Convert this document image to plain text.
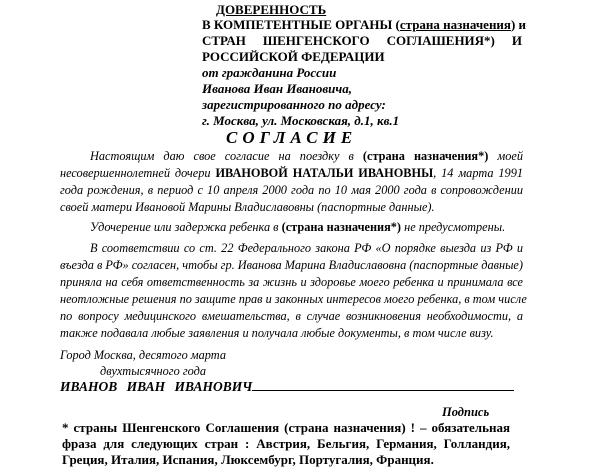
ДОВЕРЕННОСТЬ
В КОМПЕТЕНТНЫЕ ОРГАНЫ (страна назначения) и
СТРАН ШЕНГЕНСКОГО СОГЛАШЕНИЯ*) И
РОССИЙСКОЙ ФЕДЕРАЦИИ
от гражданина России
Иванова Иван Ивановича,
зарегистрированного по адресу:
г. Москва, ул. Московская, д.1, кв.1
СОГЛАСИЕ
Настоящим даю свое согласие на поездку в (страна назначения*) моей
несовершеннолетней дочери ИВАНОВОЙ НАТАЛЬИ ИВАНОВНЫ, 14 марта 1991
года рождения, в период с 10 апреля 2000 года по 10 мая 2000 года в сопровождении
своей матери Ивановой Марины Владиславовны (паспортные данные).
Удочерение или задержка ребенка в (страна назначения*) не предусмотрены.
В соответствии со ст. 22 Федерального закона РФ «О порядке выезда из РФ и
въезда в РФ» согласен, чтобы гр. Иванова Марина Владиславовна (паспортные давные)
приняла на себя ответственность за жизнь и здоровье моего ребенка и принимала все
неотложные решения по защите прав и законных интересов моего ребенка, в том числе
по вопросу медицинского вмешательства, в случае возникновения необходимости, а
также подавала любые заявления и получала любые документы, в том числе визу.
Город Москва, десятого марта
двухтысячного года
ИВАНОВ ИВАН ИВАНОВИЧ
Подпись
* страны Шенгенского Соглашения (страна назначения) ! – обязательная
фраза для следующих стран : Австрия, Бельгия, Германия, Голландия,
Греция, Италия, Испания, Люксембург, Португалия, Франция.
